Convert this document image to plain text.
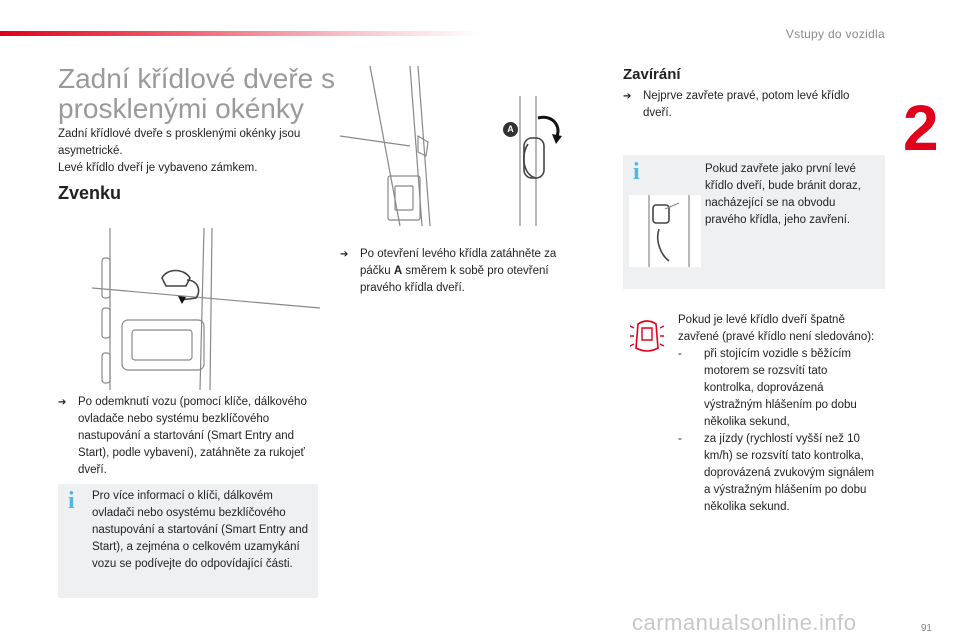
Vstupy do vozidla
2
Zadní křídlové dveře s prosklenými okénky
Zadní křídlové dveře s prosklenými okénky jsou asymetrické.
Levé křídlo dveří je vybaveno zámkem.
Zvenku
➔	Po odemknutí vozu (pomocí klíče, dálkového ovladače nebo systému bezklíčového nastupování a startování (Smart Entry and Start), podle vybavení), zatáhněte za rukojeť dveří.
i Pro více informací o klíči, dálkovém ovladači nebo osystému bezklíčového nastupování a startování (Smart Entry and Start), a zejména o celkovém uzamykání vozu se podívejte do odpovídající části.
A
➔	Po otevření levého křídla zatáhněte za páčku A směrem k sobě pro otevření pravého křídla dveří.
Zavírání
➔	Nejprve zavřete pravé, potom levé křídlo dveří.
i	Pokud zavřete jako první levé křídlo dveří, bude bránit doraz, nacházející se na obvodu pravého křídla, jeho zavření.
Pokud je levé křídlo dveří špatně zavřené (pravé křídlo není sledováno):
-	při stojícím vozidle s běžícím motorem se rozsvítí tato kontrolka, doprovázená výstražným hlášením po dobu několika sekund,
-	za jízdy (rychlostí vyšší než 10 km/h) se rozsvítí tato kontrolka, doprovázená zvukovým signálem a výstražným hlášením po dobu několika sekund.
carmanualsonline.info	91
